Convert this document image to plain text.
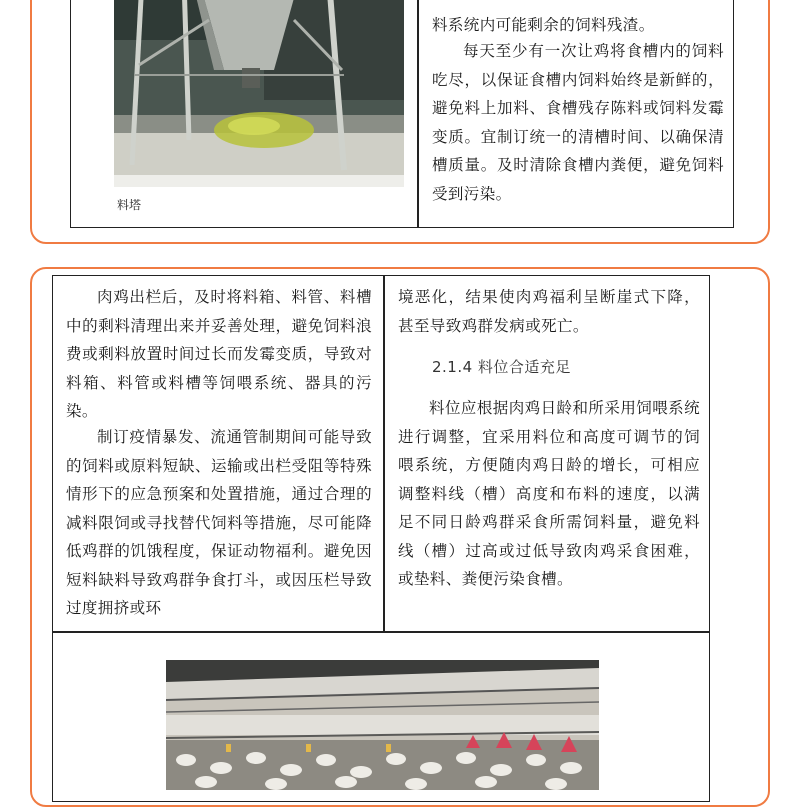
料塔

料系统内可能剩余的饲料残渣。

每天至少有一次让鸡将食槽内的饲料吃尽，以保证食槽内饲料始终是新鲜的，避免料上加料、食槽残存陈料或饲料发霉变质。宜制订统一的清槽时间、以确保清槽质量。及时清除食槽内粪便，避免饲料受到污染。

肉鸡出栏后，及时将料箱、料管、料槽中的剩料清理出来并妥善处理，避免饲料浪费或剩料放置时间过长而发霉变质，导致对料箱、料管或料槽等饲喂系统、器具的污染。

制订疫情暴发、流通管制期间可能导致的饲料或原料短缺、运输或出栏受阻等特殊情形下的应急预案和处置措施，通过合理的减料限饲或寻找替代饲料等措施，尽可能降低鸡群的饥饿程度，保证动物福利。避免因短料缺料导致鸡群争食打斗，或因压栏导致过度拥挤或环

境恶化，结果使肉鸡福利呈断崖式下降，甚至导致鸡群发病或死亡。

2.1.4 料位合适充足

料位应根据肉鸡日龄和所采用饲喂系统进行调整，宜采用料位和高度可调节的饲喂系统，方便随肉鸡日龄的增长，可相应调整料线（槽）高度和布料的速度，以满足不同日龄鸡群采食所需饲料量，避免料线（槽）过高或过低导致肉鸡采食困难，或垫料、粪便污染食槽。
